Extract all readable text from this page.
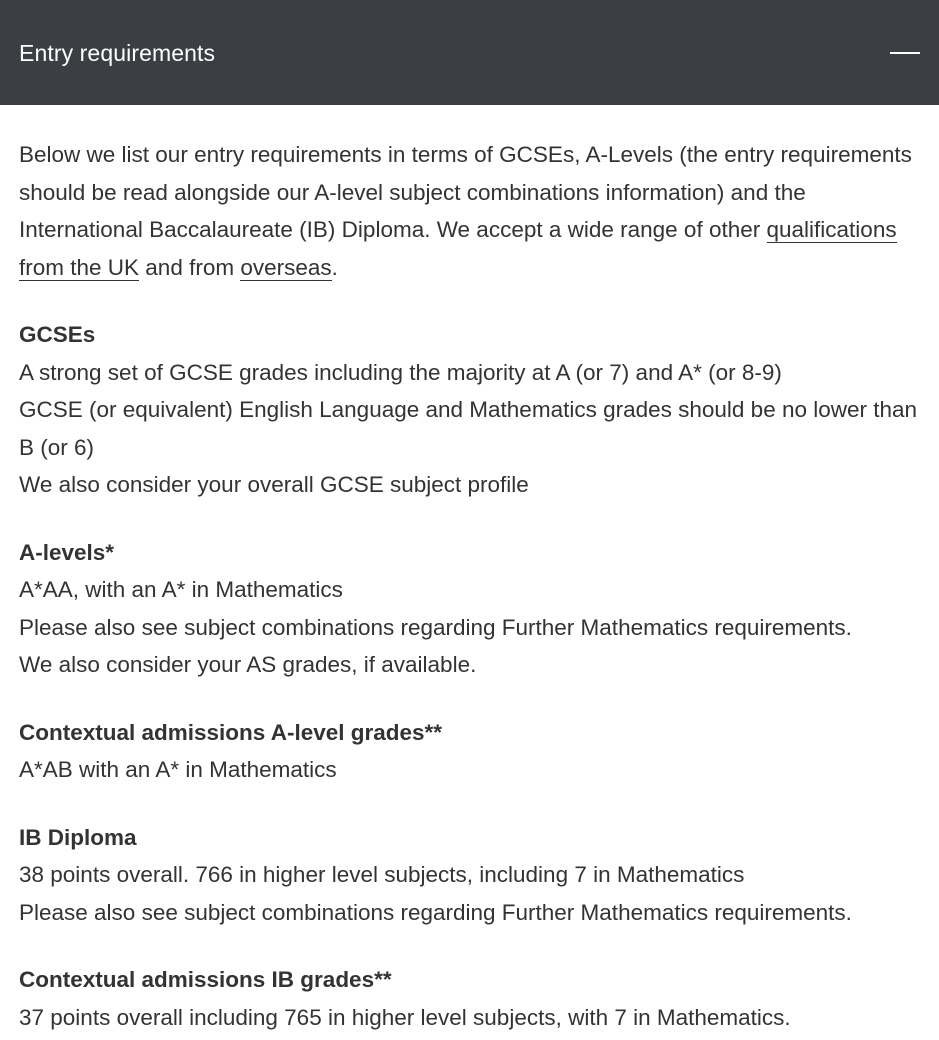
Entry requirements

Below we list our entry requirements in terms of GCSEs, A-Levels (the entry requirements should be read alongside our A-level subject combinations information) and the International Baccalaureate (IB) Diploma. We accept a wide range of other qualifications from the UK and from overseas.

GCSEs
A strong set of GCSE grades including the majority at A (or 7) and A* (or 8-9)
GCSE (or equivalent) English Language and Mathematics grades should be no lower than B (or 6)
We also consider your overall GCSE subject profile
A-levels*
A*AA, with an A* in Mathematics
Please also see subject combinations regarding Further Mathematics requirements.
We also consider your AS grades, if available.
Contextual admissions A-level grades**
A*AB with an A* in Mathematics
IB Diploma
38 points overall. 766 in higher level subjects, including 7 in Mathematics
Please also see subject combinations regarding Further Mathematics requirements.
Contextual admissions IB grades**
37 points overall including 765 in higher level subjects, with 7 in Mathematics.
